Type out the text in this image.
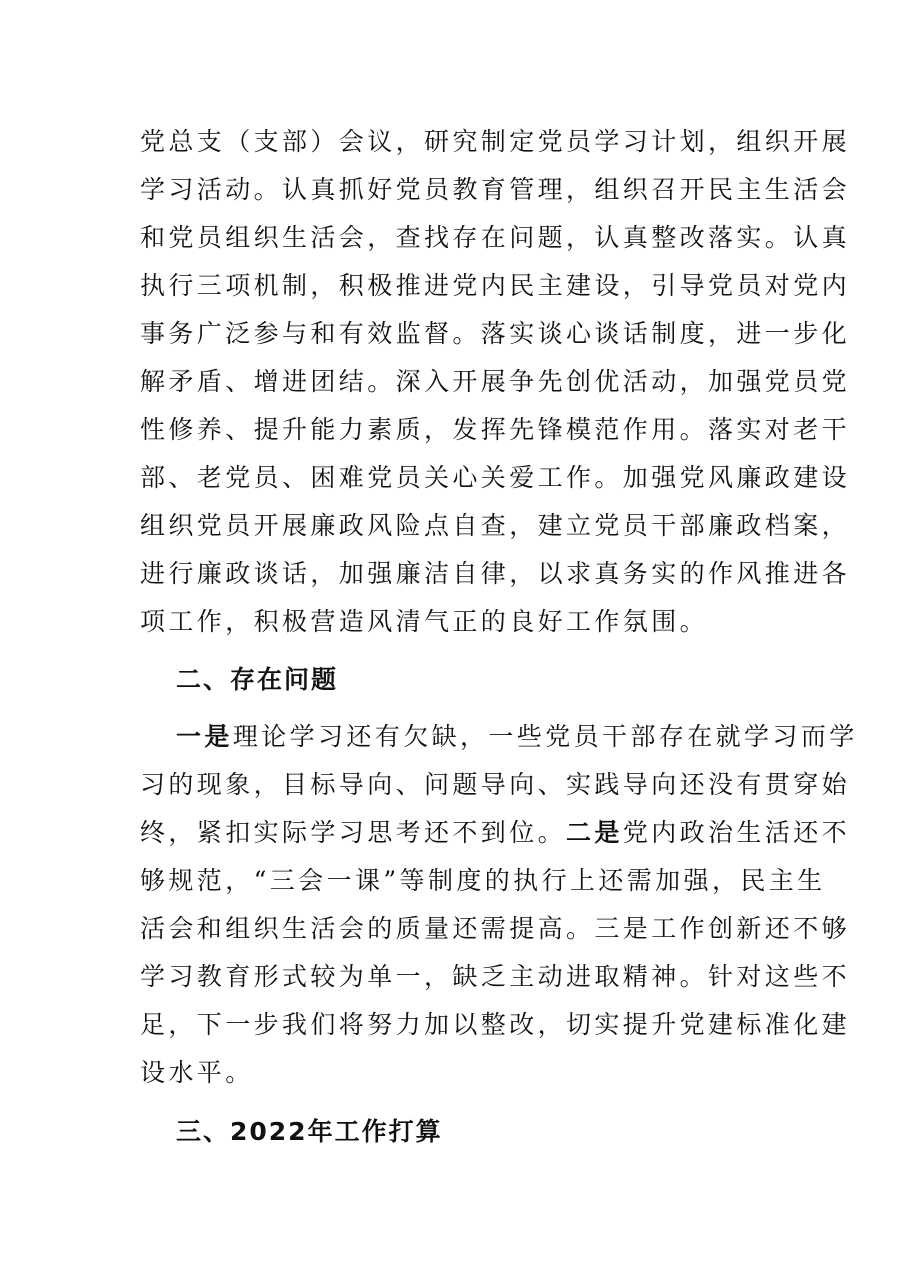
党总支（支部）会议，研究制定党员学习计划，组织开展
学习活动。认真抓好党员教育管理，组织召开民主生活会
和党员组织生活会，查找存在问题，认真整改落实。认真
执行三项机制，积极推进党内民主建设，引导党员对党内
事务广泛参与和有效监督。落实谈心谈话制度，进一步化
解矛盾、增进团结。深入开展争先创优活动，加强党员党
性修养、提升能力素质，发挥先锋模范作用。落实对老干
部、老党员、困难党员关心关爱工作。加强党风廉政建设
组织党员开展廉政风险点自查，建立党员干部廉政档案，
进行廉政谈话，加强廉洁自律，以求真务实的作风推进各
项工作，积极营造风清气正的良好工作氛围。
二、存在问题
一是理论学习还有欠缺，一些党员干部存在就学习而学
习的现象，目标导向、问题导向、实践导向还没有贯穿始
终，紧扣实际学习思考还不到位。二是党内政治生活还不
够规范，“三会一课”等制度的执行上还需加强，民主生
活会和组织生活会的质量还需提高。三是工作创新还不够
学习教育形式较为单一，缺乏主动进取精神。针对这些不
足，下一步我们将努力加以整改，切实提升党建标准化建
设水平。
三、2022年工作打算
